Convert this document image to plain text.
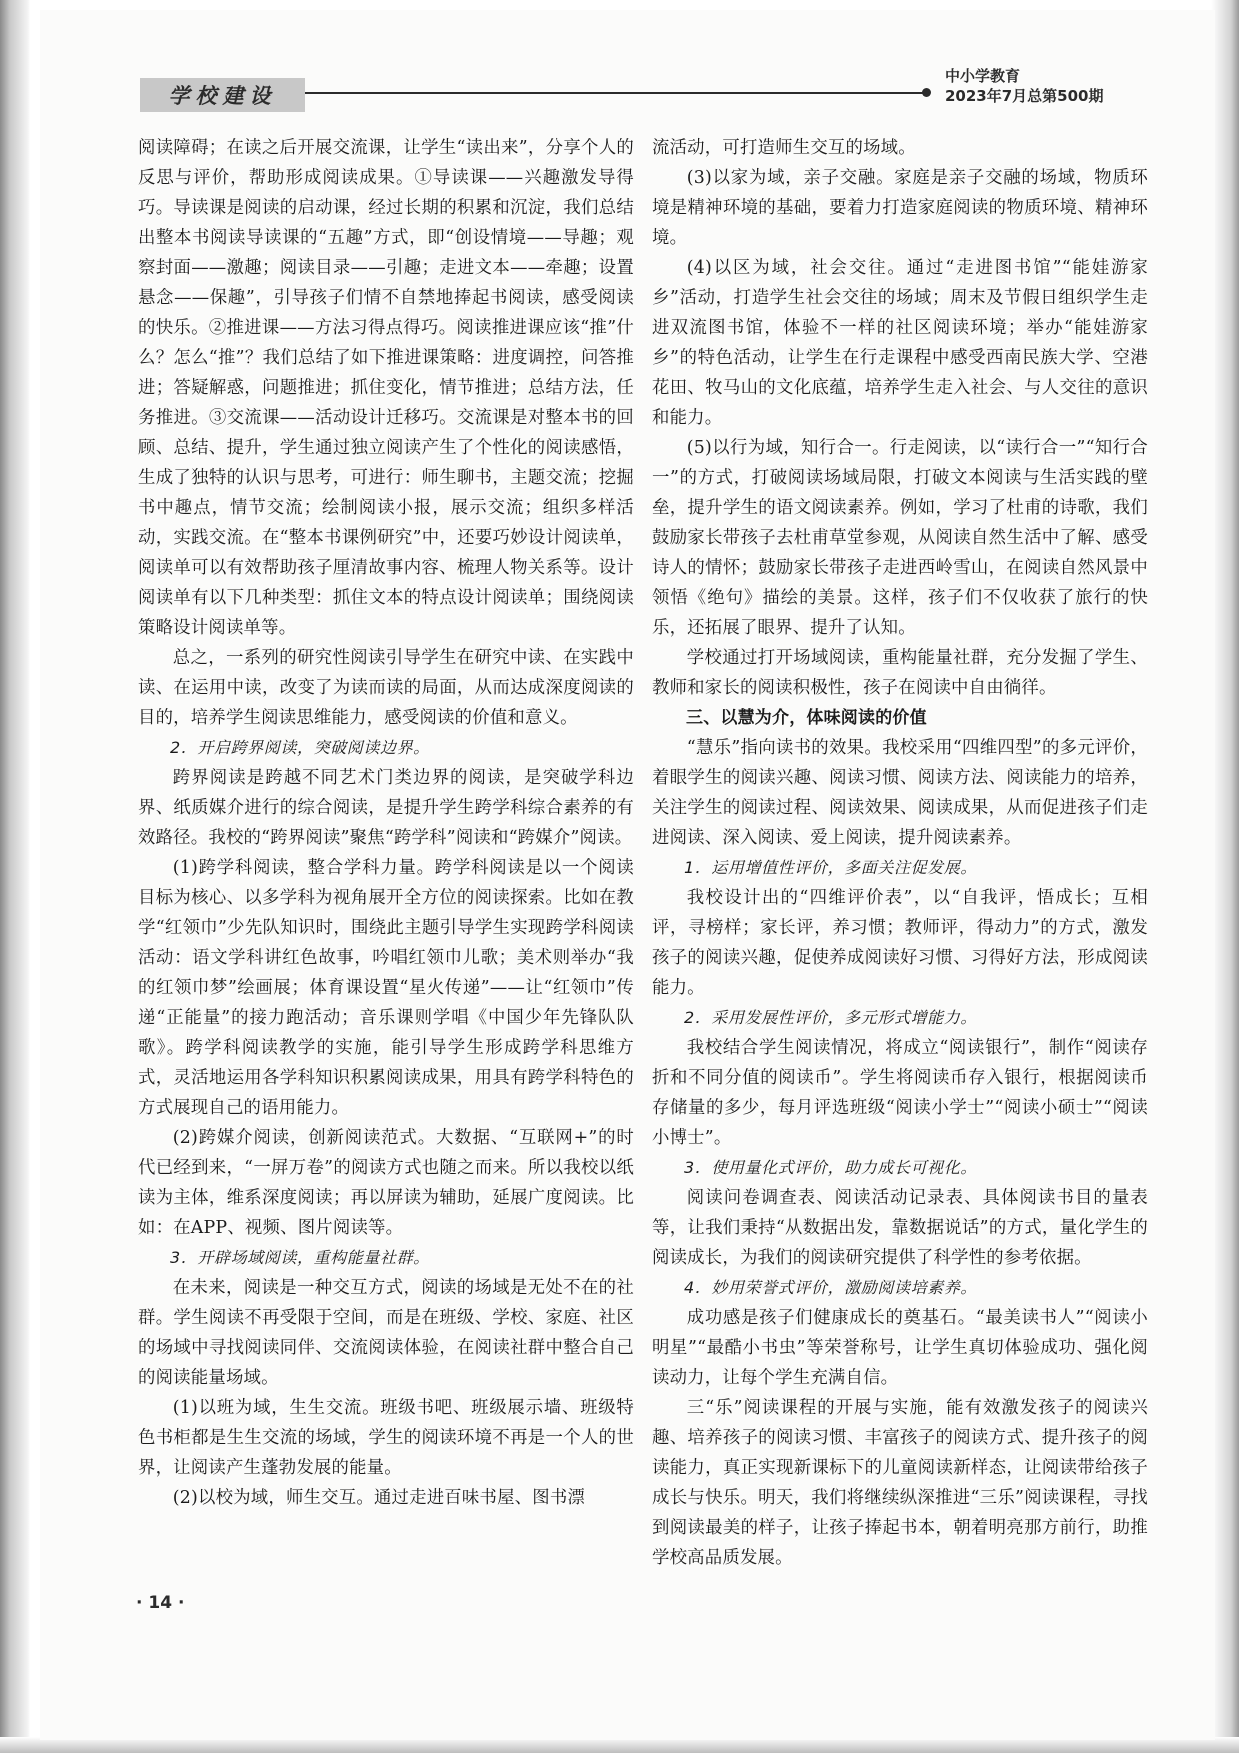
学校建设
中小学教育
2023年7月总第500期

阅读障碍；在读之后开展交流课，让学生“读出来”，分享个人的反思与评价，帮助形成阅读成果。①导读课——兴趣激发导得巧。导读课是阅读的启动课，经过长期的积累和沉淀，我们总结出整本书阅读导读课的“五趣”方式，即“创设情境——导趣；观察封面——激趣；阅读目录——引趣；走进文本——牵趣；设置悬念——保趣”，引导孩子们情不自禁地捧起书阅读，感受阅读的快乐。②推进课——方法习得点得巧。阅读推进课应该“推”什么？怎么“推”？我们总结了如下推进课策略：进度调控，问答推进；答疑解惑，问题推进；抓住变化，情节推进；总结方法，任务推进。③交流课——活动设计迁移巧。交流课是对整本书的回顾、总结、提升，学生通过独立阅读产生了个性化的阅读感悟，生成了独特的认识与思考，可进行：师生聊书，主题交流；挖掘书中趣点，情节交流；绘制阅读小报，展示交流；组织多样活动，实践交流。在“整本书课例研究”中，还要巧妙设计阅读单，阅读单可以有效帮助孩子厘清故事内容、梳理人物关系等。设计阅读单有以下几种类型：抓住文本的特点设计阅读单；围绕阅读策略设计阅读单等。

总之，一系列的研究性阅读引导学生在研究中读、在实践中读、在运用中读，改变了为读而读的局面，从而达成深度阅读的目的，培养学生阅读思维能力，感受阅读的价值和意义。

2．开启跨界阅读，突破阅读边界。

跨界阅读是跨越不同艺术门类边界的阅读，是突破学科边界、纸质媒介进行的综合阅读，是提升学生跨学科综合素养的有效路径。我校的“跨界阅读”聚焦“跨学科”阅读和“跨媒介”阅读。

(1)跨学科阅读，整合学科力量。跨学科阅读是以一个阅读目标为核心、以多学科为视角展开全方位的阅读探索。比如在教学“红领巾”少先队知识时，围绕此主题引导学生实现跨学科阅读活动：语文学科讲红色故事，吟唱红领巾儿歌；美术则举办“我的红领巾梦”绘画展；体育课设置“星火传递”——让“红领巾”传递“正能量”的接力跑活动；音乐课则学唱《中国少年先锋队队歌》。跨学科阅读教学的实施，能引导学生形成跨学科思维方式，灵活地运用各学科知识积累阅读成果，用具有跨学科特色的方式展现自己的语用能力。

(2)跨媒介阅读，创新阅读范式。大数据、“互联网+”的时代已经到来，“一屏万卷”的阅读方式也随之而来。所以我校以纸读为主体，维系深度阅读；再以屏读为辅助，延展广度阅读。比如：在APP、视频、图片阅读等。

3．开辟场域阅读，重构能量社群。

在未来，阅读是一种交互方式，阅读的场域是无处不在的社群。学生阅读不再受限于空间，而是在班级、学校、家庭、社区的场域中寻找阅读同伴、交流阅读体验，在阅读社群中整合自己的阅读能量场域。

(1)以班为域，生生交流。班级书吧、班级展示墙、班级特色书柜都是生生交流的场域，学生的阅读环境不再是一个人的世界，让阅读产生蓬勃发展的能量。

(2)以校为域，师生交互。通过走进百味书屋、图书漂

流活动，可打造师生交互的场域。

(3)以家为域，亲子交融。家庭是亲子交融的场域，物质环境是精神环境的基础，要着力打造家庭阅读的物质环境、精神环境。

(4)以区为域，社会交往。通过“走进图书馆”“能娃游家乡”活动，打造学生社会交往的场域；周末及节假日组织学生走进双流图书馆，体验不一样的社区阅读环境；举办“能娃游家乡”的特色活动，让学生在行走课程中感受西南民族大学、空港花田、牧马山的文化底蕴，培养学生走入社会、与人交往的意识和能力。

(5)以行为域，知行合一。行走阅读，以“读行合一”“知行合一”的方式，打破阅读场域局限，打破文本阅读与生活实践的壁垒，提升学生的语文阅读素养。例如，学习了杜甫的诗歌，我们鼓励家长带孩子去杜甫草堂参观，从阅读自然生活中了解、感受诗人的情怀；鼓励家长带孩子走进西岭雪山，在阅读自然风景中领悟《绝句》描绘的美景。这样，孩子们不仅收获了旅行的快乐，还拓展了眼界、提升了认知。

学校通过打开场域阅读，重构能量社群，充分发掘了学生、教师和家长的阅读积极性，孩子在阅读中自由徜徉。

三、以慧为介，体味阅读的价值

“慧乐”指向读书的效果。我校采用“四维四型”的多元评价，着眼学生的阅读兴趣、阅读习惯、阅读方法、阅读能力的培养，关注学生的阅读过程、阅读效果、阅读成果，从而促进孩子们走进阅读、深入阅读、爱上阅读，提升阅读素养。

1．运用增值性评价，多面关注促发展。

我校设计出的“四维评价表”，以“自我评，悟成长；互相评，寻榜样；家长评，养习惯；教师评，得动力”的方式，激发孩子的阅读兴趣，促使养成阅读好习惯、习得好方法，形成阅读能力。

2．采用发展性评价，多元形式增能力。

我校结合学生阅读情况，将成立“阅读银行”，制作“阅读存折和不同分值的阅读币”。学生将阅读币存入银行，根据阅读币存储量的多少，每月评选班级“阅读小学士”“阅读小硕士”“阅读小博士”。

3．使用量化式评价，助力成长可视化。

阅读问卷调查表、阅读活动记录表、具体阅读书目的量表等，让我们秉持“从数据出发，靠数据说话”的方式，量化学生的阅读成长，为我们的阅读研究提供了科学性的参考依据。

4．妙用荣誉式评价，激励阅读培素养。

成功感是孩子们健康成长的奠基石。“最美读书人”“阅读小明星”“最酷小书虫”等荣誉称号，让学生真切体验成功、强化阅读动力，让每个学生充满自信。

三“乐”阅读课程的开展与实施，能有效激发孩子的阅读兴趣、培养孩子的阅读习惯、丰富孩子的阅读方式、提升孩子的阅读能力，真正实现新课标下的儿童阅读新样态，让阅读带给孩子成长与快乐。明天，我们将继续纵深推进“三乐”阅读课程，寻找到阅读最美的样子，让孩子捧起书本，朝着明亮那方前行，助推学校高品质发展。

· 14 ·
